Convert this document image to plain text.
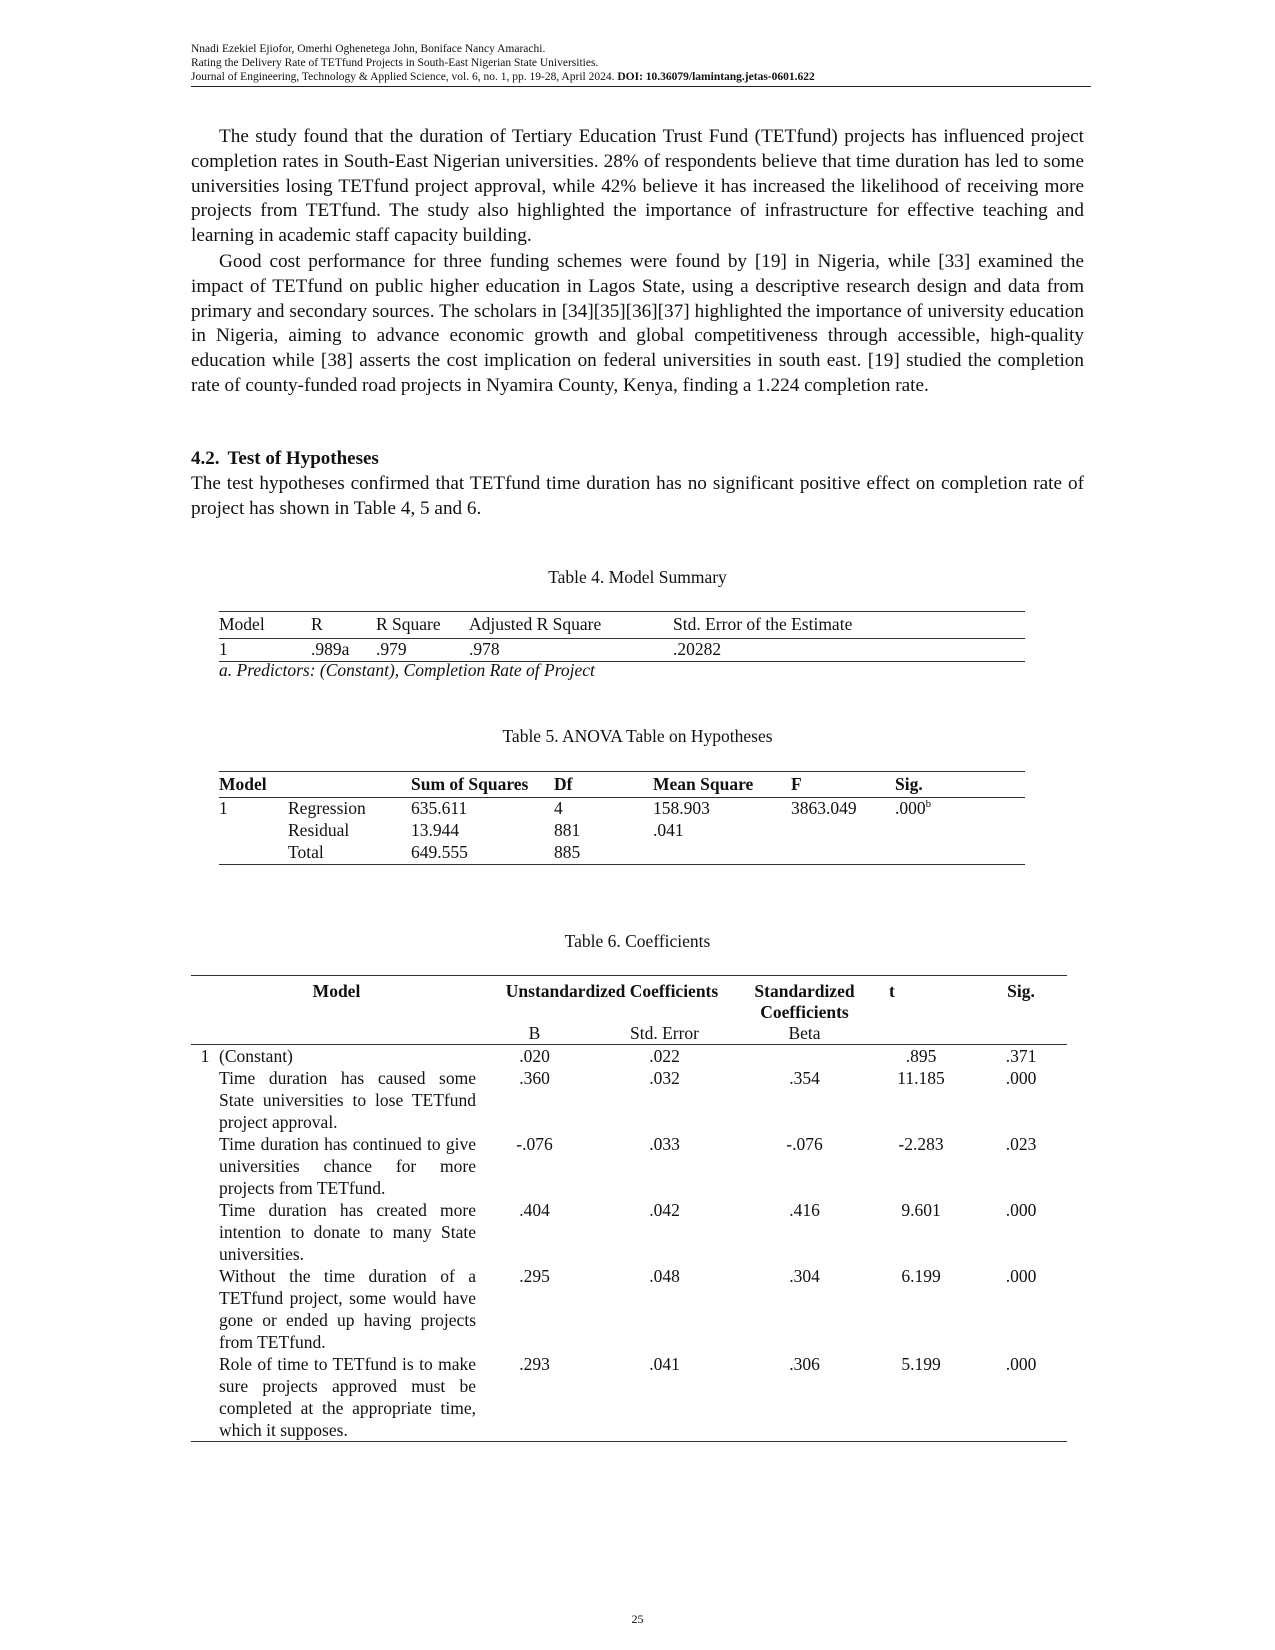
Nnadi Ezekiel Ejiofor, Omerhi Oghenetega John, Boniface Nancy Amarachi.
Rating the Delivery Rate of TETfund Projects in South-East Nigerian State Universities.
Journal of Engineering, Technology & Applied Science, vol. 6, no. 1, pp. 19-28, April 2024. DOI: 10.36079/lamintang.jetas-0601.622

The study found that the duration of Tertiary Education Trust Fund (TETfund) projects has influenced project completion rates in South-East Nigerian universities. 28% of respondents believe that time duration has led to some universities losing TETfund project approval, while 42% believe it has increased the likelihood of receiving more projects from TETfund. The study also highlighted the importance of infrastructure for effective teaching and learning in academic staff capacity building.

Good cost performance for three funding schemes were found by [19] in Nigeria, while [33] examined the impact of TETfund on public higher education in Lagos State, using a descriptive research design and data from primary and secondary sources. The scholars in [34][35][36][37] highlighted the importance of university education in Nigeria, aiming to advance economic growth and global competitiveness through accessible, high-quality education while [38] asserts the cost implication on federal universities in south east. [19] studied the completion rate of county-funded road projects in Nyamira County, Kenya, finding a 1.224 completion rate.

4.2. Test of Hypotheses

The test hypotheses confirmed that TETfund time duration has no significant positive effect on completion rate of project has shown in Table 4, 5 and 6.

Table 4. Model Summary
Model	R	R Square	Adjusted R Square	Std. Error of the Estimate
1	.989a	.979	.978	.20282
a. Predictors: (Constant), Completion Rate of Project
Table 5. ANOVA Table on Hypotheses
Model		Sum of Squares	Df	Mean Square	F	Sig.
1	Regression	635.611	4	158.903	3863.049	.000$^b$
	Residual	13.944	881	.041		
	Total	649.555	885			
Table 6. Coefficients
Model		Unstandardized Coefficients		Standardized Coefficients	t	Sig.
		B	Std. Error	Beta		
1	(Constant)	.020	.022		.895	.371
	Time duration has caused some State universities to lose TETfund project approval.	.360	.032	.354	11.185	.000
	Time duration has continued to give universities chance for more projects from TETfund.	-.076	.033	-.076	-2.283	.023
	Time duration has created more intention to donate to many State universities.	.404	.042	.416	9.601	.000
	Without the time duration of a TETfund project, some would have gone or ended up having projects from TETfund.	.295	.048	.304	6.199	.000
	Role of time to TETfund is to make sure projects approved must be completed at the appropriate time, which it supposes.	.293	.041	.306	5.199	.000
25
